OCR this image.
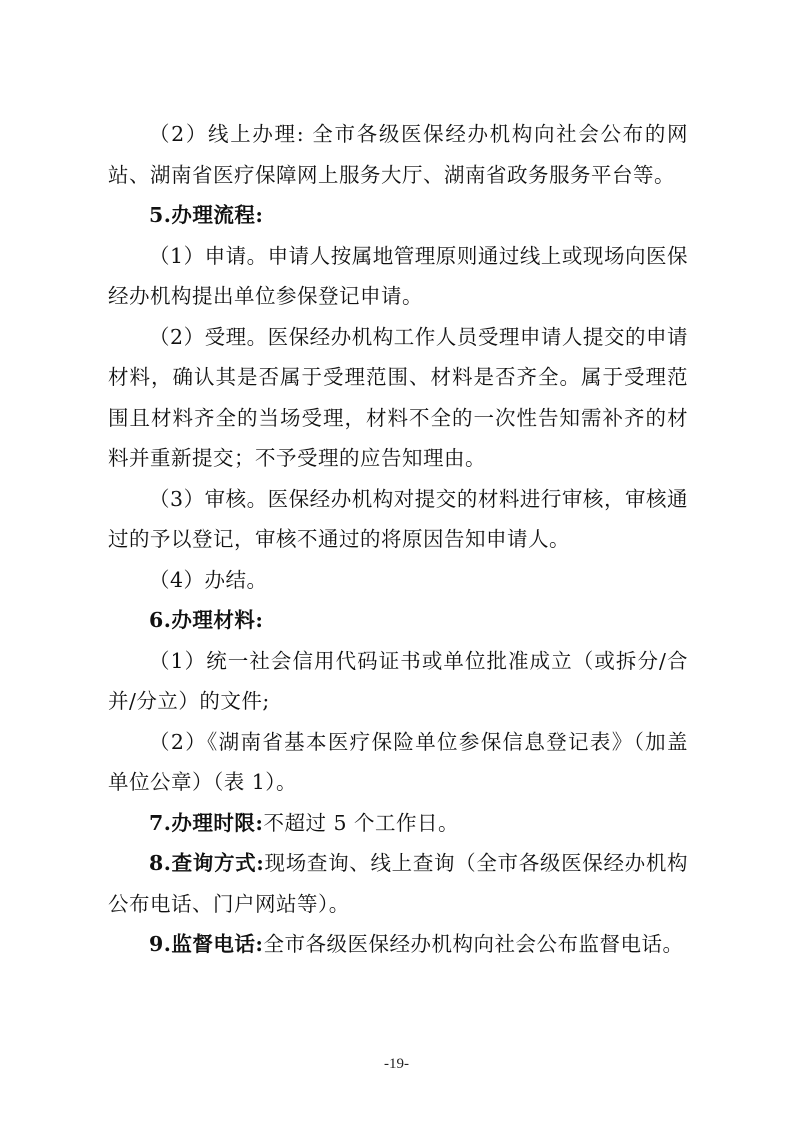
（2）线上办理: 全市各级医保经办机构向社会公布的网站、湖南省医疗保障网上服务大厅、湖南省政务服务平台等。

5.办理流程:

（1）申请。申请人按属地管理原则通过线上或现场向医保经办机构提出单位参保登记申请。

（2）受理。医保经办机构工作人员受理申请人提交的申请材料，确认其是否属于受理范围、材料是否齐全。属于受理范围且材料齐全的当场受理，材料不全的一次性告知需补齐的材料并重新提交；不予受理的应告知理由。

（3）审核。医保经办机构对提交的材料进行审核，审核通过的予以登记，审核不通过的将原因告知申请人。

（4）办结。

6.办理材料:

（1）统一社会信用代码证书或单位批准成立（或拆分/合并/分立）的文件;

（2）《湖南省基本医疗保险单位参保信息登记表》（加盖单位公章）（表 1）。

7.办理时限:不超过 5 个工作日。

8.查询方式:现场查询、线上查询（全市各级医保经办机构公布电话、门户网站等）。

9.监督电话:全市各级医保经办机构向社会公布监督电话。

-19-
